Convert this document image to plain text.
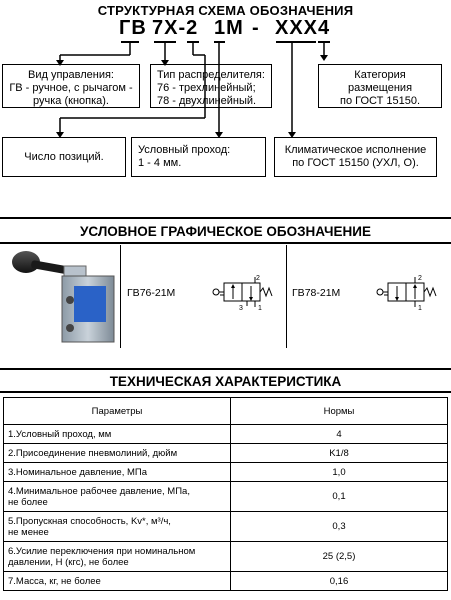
СТРУКТУРНАЯ СХЕМА ОБОЗНАЧЕНИЯ
ГВ 7Х-2 1М - ХХХ 4
Вид управления:
ГВ - ручное, с рычагом -
ручка (кнопка).
Тип распределителя:
76 - трехлинейный;
78 - двухлинейный.
Категория
размещения
по ГОСТ 15150.
Число позиций.
Условный проход:
1 - 4 мм.
Климатическое исполнение
по ГОСТ 15150 (УХЛ, О).
УСЛОВНОЕ ГРАФИЧЕСКОЕ ОБОЗНАЧЕНИЕ
ГВ76-21М
2
3 1
ГВ78-21М
2
1
ТЕХНИЧЕСКАЯ ХАРАКТЕРИСТИКА
Параметры	Нормы
1.Условный проход, мм	4
2.Присоединение пневмолиний, дюйм	K1/8
3.Номинальное давление, МПа	1,0

4.Минимальное рабочее давление, МПа,
не более	0,1

5.Пропускная способность, Kv*, м³/ч,
не менее	0,3

6.Усилие переключения при номинальном
давлении, Н (кгс), не более	25 (2,5)
7.Масса, кг, не более	0,16
